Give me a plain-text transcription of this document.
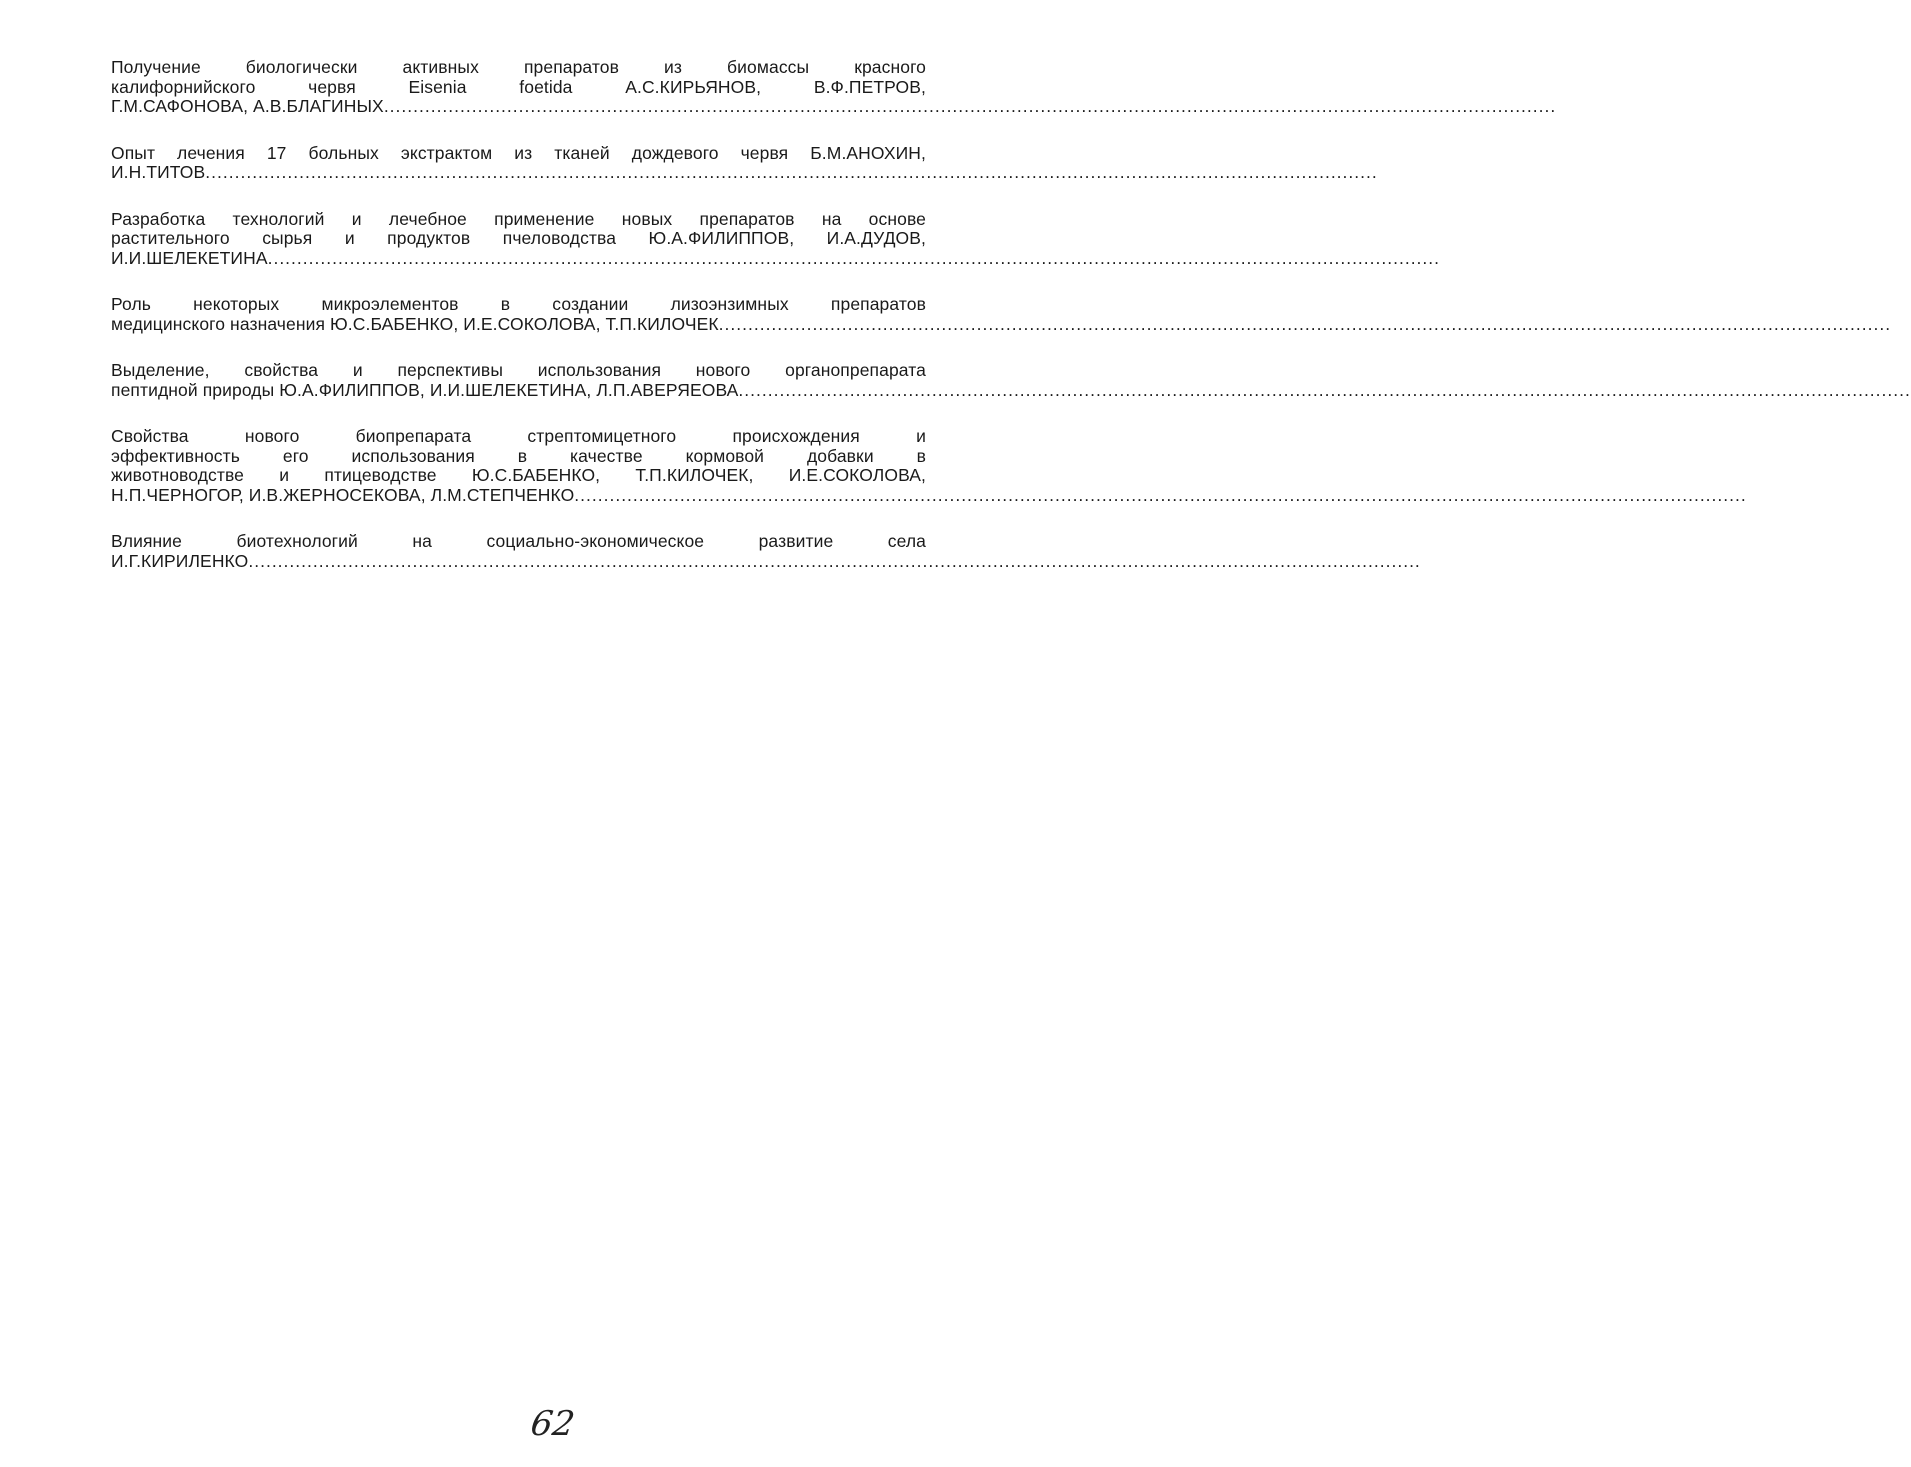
Получение биологически активных препаратов из биомассы красного
калифорнийского червя Eisenia foetida А.С.КИРЬЯНОВ, В.Ф.ПЕТРОВ,
Г.М.САФОНОВА, А.В.БЛАГИНЫХ ........................................................................................................................................................................................................
Опыт лечения 17 больных экстрактом из тканей дождевого червя Б.М.АНОХИН,
И.Н.ТИТОВ ........................................................................................................................................................................................................
Разработка технологий и лечебное применение новых препаратов на основе
растительного сырья и продуктов пчеловодства Ю.А.ФИЛИППОВ, И.А.ДУДОВ,
И.И.ШЕЛЕКЕТИНА ........................................................................................................................................................................................................
Роль некоторых микроэлементов в создании лизоэнзимных препаратов
медицинского назначения Ю.С.БАБЕНКО, И.Е.СОКОЛОВА, Т.П.КИЛОЧЕК ........................................................................................................................................................................................................
Выделение, свойства и перспективы использования нового органопрепарата
пептидной природы Ю.А.ФИЛИППОВ, И.И.ШЕЛЕКЕТИНА, Л.П.АВЕРЯЕОВА ........................................................................................................................................................................................................
Свойства нового биопрепарата стрептомицетного происхождения и
эффективность его использования в качестве кормовой добавки в
животноводстве и птицеводстве Ю.С.БАБЕНКО, Т.П.КИЛОЧЕК, И.Е.СОКОЛОВА,
Н.П.ЧЕРНОГОР, И.В.ЖЕРНОСЕКОВА, Л.М.СТЕПЧЕНКО ........................................................................................................................................................................................................
Влияние биотехнологий на социально-экономическое развитие села
И.Г.КИРИЛЕНКО ........................................................................................................................................................................................................
62
